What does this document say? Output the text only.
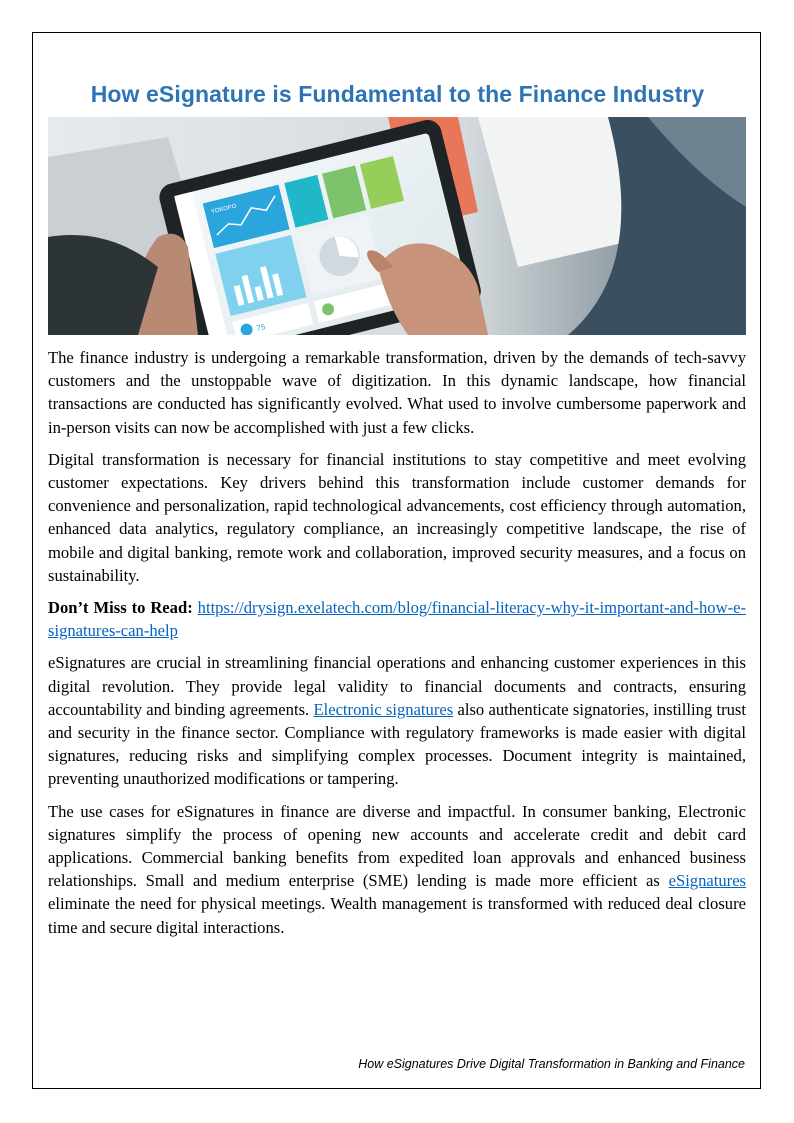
How eSignature is Fundamental to the Finance Industry
YOKOPO
75

The finance industry is undergoing a remarkable transformation, driven by the demands of tech-savvy customers and the unstoppable wave of digitization. In this dynamic landscape, how financial transactions are conducted has significantly evolved. What used to involve cumbersome paperwork and in-person visits can now be accomplished with just a few clicks.

Digital transformation is necessary for financial institutions to stay competitive and meet evolving customer expectations. Key drivers behind this transformation include customer demands for convenience and personalization, rapid technological advancements, cost efficiency through automation, enhanced data analytics, regulatory compliance, an increasingly competitive landscape, the rise of mobile and digital banking, remote work and collaboration, improved security measures, and a focus on sustainability.

Don’t Miss to Read: https://drysign.exelatech.com/blog/financial-literacy-why-it-important-and-how-e-signatures-can-help

eSignatures are crucial in streamlining financial operations and enhancing customer experiences in this digital revolution. They provide legal validity to financial documents and contracts, ensuring accountability and binding agreements. Electronic signatures also authenticate signatories, instilling trust and security in the finance sector. Compliance with regulatory frameworks is made easier with digital signatures, reducing risks and simplifying complex processes. Document integrity is maintained, preventing unauthorized modifications or tampering.

The use cases for eSignatures in finance are diverse and impactful. In consumer banking, Electronic signatures simplify the process of opening new accounts and accelerate credit and debit card applications. Commercial banking benefits from expedited loan approvals and enhanced business relationships. Small and medium enterprise (SME) lending is made more efficient as eSignatures eliminate the need for physical meetings. Wealth management is transformed with reduced deal closure time and secure digital interactions.

How eSignatures Drive Digital Transformation in Banking and Finance
